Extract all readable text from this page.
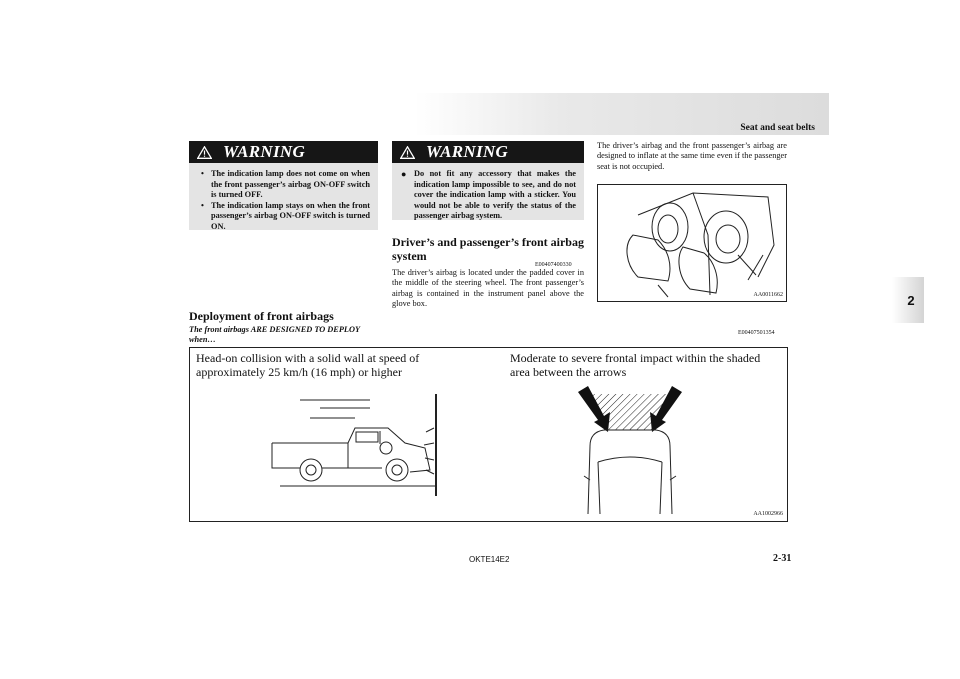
Seat and seat belts
2
WARNING
• The indication lamp does not come on when the front passenger’s airbag ON-OFF switch is turned OFF.
• The indication lamp stays on when the front passenger’s airbag ON-OFF switch is turned ON.
WARNING
● Do not fit any accessory that makes the indication lamp impossible to see, and do not cover the indication lamp with a sticker. You would not be able to verify the status of the passenger airbag system.
Driver’s and passenger’s front airbag system
E00407400330
The driver’s airbag is located under the padded cover in the middle of the steering wheel. The front passenger’s airbag is contained in the instrument panel above the glove box.
The driver’s airbag and the front passenger’s airbag are designed to inflate at the same time even if the passenger seat is not occupied.
AA0011662
Deployment of front airbags
E00407501354
The front airbags ARE DESIGNED TO DEPLOY when…
Head-on collision with a solid wall at speed of approximately 25 km/h (16 mph) or higher
Moderate to severe frontal impact within the shaded area between the arrows
AA1002966
OKTE14E2	2-31
